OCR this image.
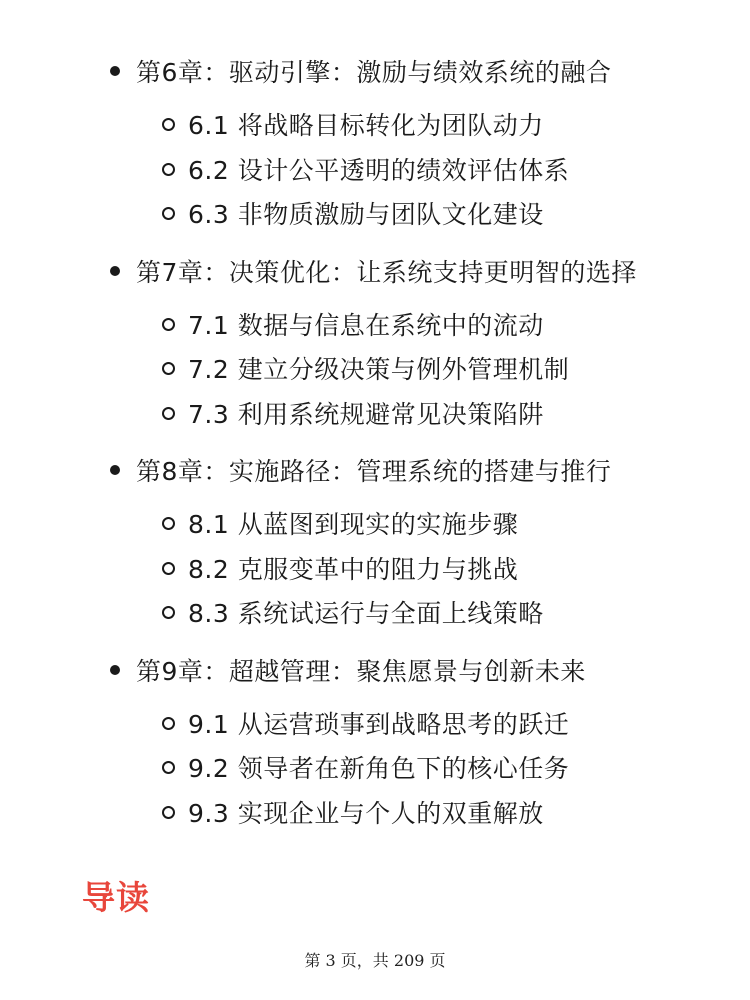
第6章：驱动引擎：激励与绩效系统的融合
6.1 将战略目标转化为团队动力
6.2 设计公平透明的绩效评估体系
6.3 非物质激励与团队文化建设
第7章：决策优化：让系统支持更明智的选择
7.1 数据与信息在系统中的流动
7.2 建立分级决策与例外管理机制
7.3 利用系统规避常见决策陷阱
第8章：实施路径：管理系统的搭建与推行
8.1 从蓝图到现实的实施步骤
8.2 克服变革中的阻力与挑战
8.3 系统试运行与全面上线策略
第9章：超越管理：聚焦愿景与创新未来
9.1 从运营琐事到战略思考的跃迁
9.2 领导者在新角色下的核心任务
9.3 实现企业与个人的双重解放
导读
第 3 页，共 209 页
